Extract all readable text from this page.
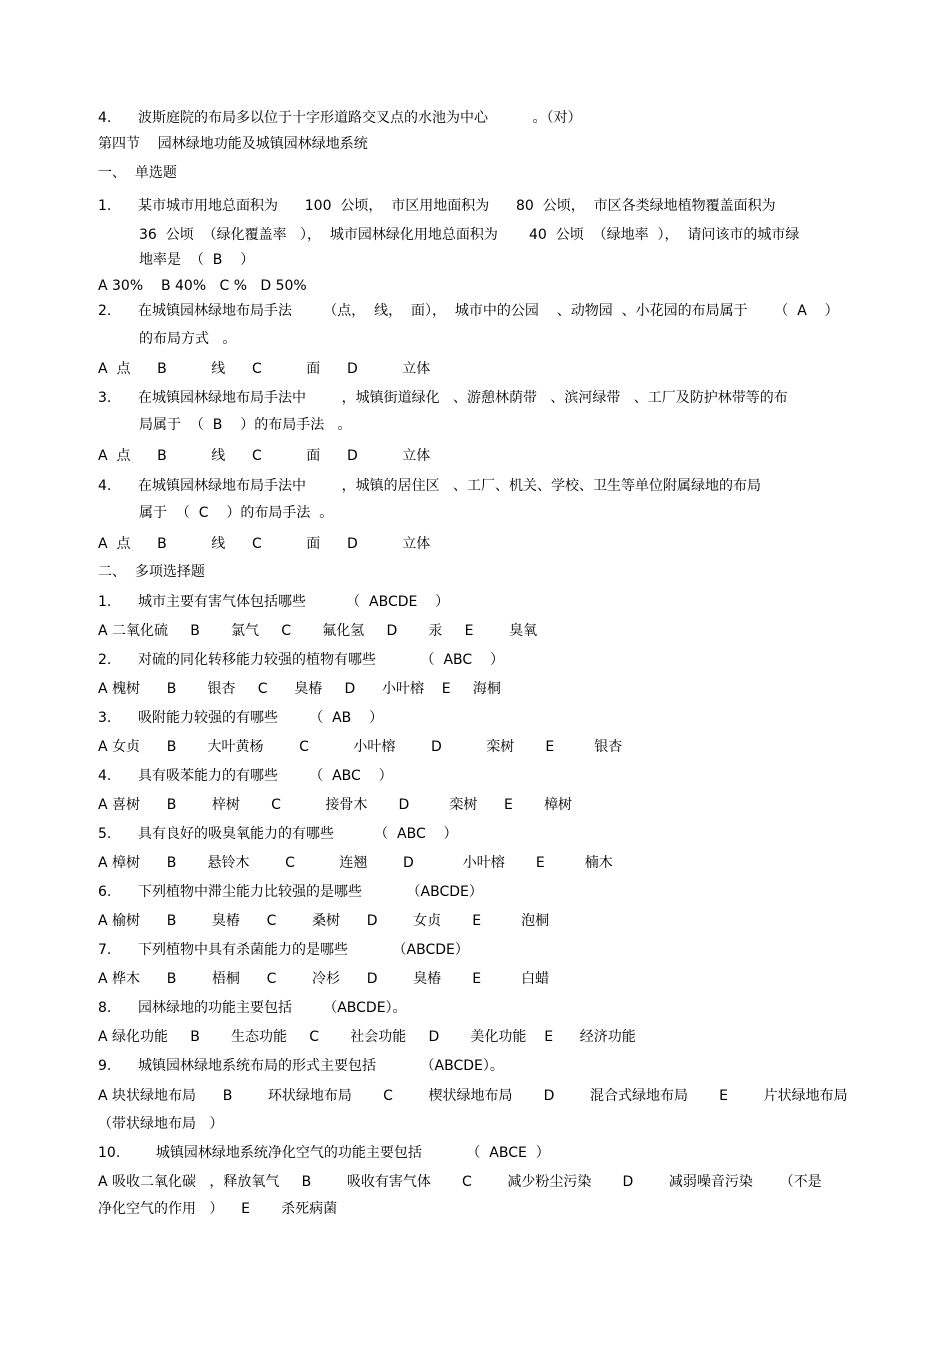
4.      波斯庭院的布局多以位于十字形道路交叉点的水池为中心          。（对）
第四节    园林绿地功能及城镇园林绿地系统
一、  单选题
1.      某市城市用地总面积为      100  公顷，  市区用地面积为      80  公顷，  市区各类绿地植物覆盖面积为
36  公顷  （绿化覆盖率   ），  城市园林绿化用地总面积为       40  公顷  （绿地率  ），  请问该市的城市绿
地率是  （  B    ）
A 30%    B 40%   C %   D 50%
2.      在城镇园林绿地布局手法       （点，  线，  面），  城市中的公园    、动物园  、小花园的布局属于      （  A    ）
的布局方式   。
A  点      B          线      C          面      D          立体
3.      在城镇园林绿地布局手法中        ，城镇街道绿化   、游憩林荫带   、滨河绿带   、工厂及防护林带等的布
局属于  （  B    ）的布局手法   。
A  点      B          线      C          面      D          立体
4.      在城镇园林绿地布局手法中        ，城镇的居住区   、工厂、机关、学校、卫生等单位附属绿地的布局
属于  （  C    ）的布局手法  。
A  点      B          线      C          面      D          立体
二、  多项选择题
1.      城市主要有害气体包括哪些         （  ABCDE    ）
A 二氧化硫     B       氯气     C       氟化氢     D       汞     E        臭氧
2.      对硫的同化转移能力较强的植物有哪些          （  ABC    ）
A 槐树      B       银杏     C      臭椿     D      小叶榕    E     海桐
3.      吸附能力较强的有哪些       （  AB    ）
A 女贞      B       大叶黄杨        C          小叶榕        D          栾树       E         银杏
4.      具有吸苯能力的有哪些       （  ABC    ）
A 喜树      B        梓树       C          接骨木       D         栾树      E       樟树
5.      具有良好的吸臭氧能力的有哪些         （  ABC    ）
A 樟树      B       悬铃木        C          连翘        D           小叶榕       E         楠木
6.      下列植物中滞尘能力比较强的是哪些          （ABCDE）
A 榆树      B        臭椿      C        桑树      D        女贞       E         泡桐
7.      下列植物中具有杀菌能力的是哪些          （ABCDE）
A 桦木      B        梧桐      C        冷杉      D        臭椿       E         白蜡
8.      园林绿地的功能主要包括       （ABCDE）。
A 绿化功能     B       生态功能     C       社会功能     D       美化功能    E      经济功能
9.      城镇园林绿地系统布局的形式主要包括          （ABCDE）。
A 块状绿地布局      B        环状绿地布局       C        楔状绿地布局       D        混合式绿地布局       E        片状绿地布局
（带状绿地布局   ）
10.        城镇园林绿地系统净化空气的功能主要包括          （  ABCE  ）
A 吸收二氧化碳   ，释放氧气     B        吸收有害气体       C        减少粉尘污染       D        减弱噪音污染      （不是
净化空气的作用   ）    E       杀死病菌
